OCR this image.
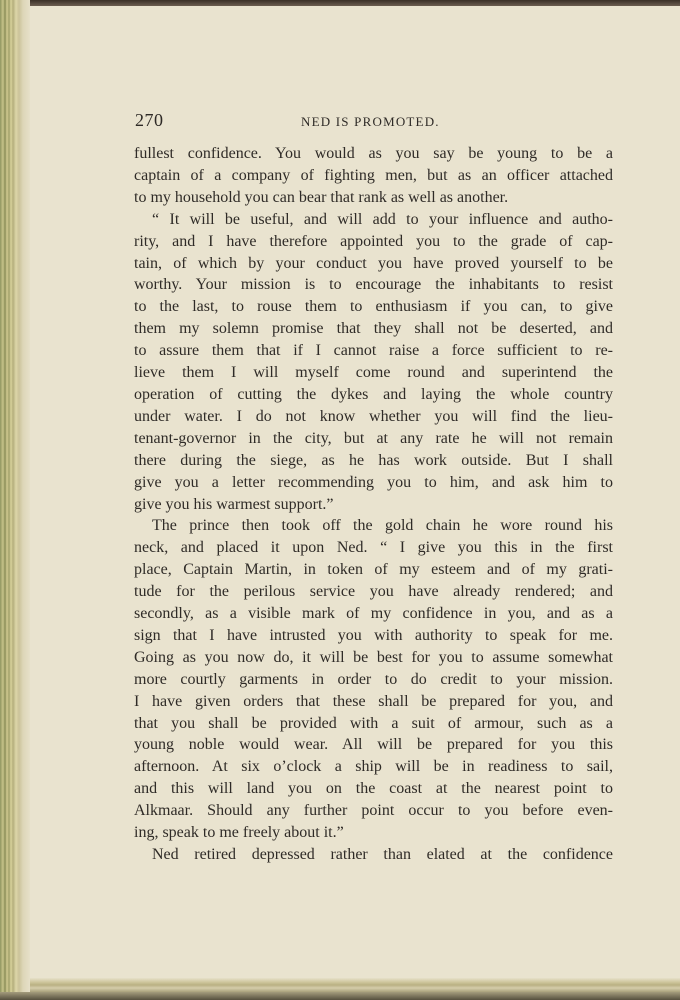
270	NED IS PROMOTED.
fullest confidence. You would as you say be young to be a
captain of a company of fighting men, but as an officer attached
to my household you can bear that rank as well as another.
“ It will be useful, and will add to your influence and autho-
rity, and I have therefore appointed you to the grade of cap-
tain, of which by your conduct you have proved yourself to be
worthy. Your mission is to encourage the inhabitants to resist
to the last, to rouse them to enthusiasm if you can, to give
them my solemn promise that they shall not be deserted, and
to assure them that if I cannot raise a force sufficient to re-
lieve them I will myself come round and superintend the
operation of cutting the dykes and laying the whole country
under water. I do not know whether you will find the lieu-
tenant-governor in the city, but at any rate he will not remain
there during the siege, as he has work outside. But I shall
give you a letter recommending you to him, and ask him to
give you his warmest support.”
The prince then took off the gold chain he wore round his
neck, and placed it upon Ned. “ I give you this in the first
place, Captain Martin, in token of my esteem and of my grati-
tude for the perilous service you have already rendered; and
secondly, as a visible mark of my confidence in you, and as a
sign that I have intrusted you with authority to speak for me.
Going as you now do, it will be best for you to assume somewhat
more courtly garments in order to do credit to your mission.
I have given orders that these shall be prepared for you, and
that you shall be provided with a suit of armour, such as a
young noble would wear. All will be prepared for you this
afternoon. At six o’clock a ship will be in readiness to sail,
and this will land you on the coast at the nearest point to
Alkmaar. Should any further point occur to you before even-
ing, speak to me freely about it.”
Ned retired depressed rather than elated at the confidence
